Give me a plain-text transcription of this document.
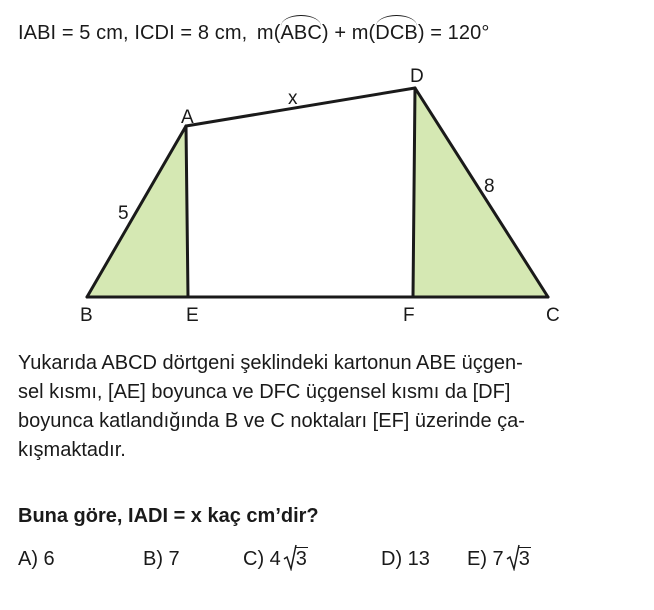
IABI = 5 cm, ICDI = 8 cm, m(ABC) + m(DCB) = 120°
A
B	C
D
E	F
5
8
x
Yukarıda ABCD dörtgeni şeklindeki kartonun ABE üçgen-
sel kısmı, [AE] boyunca ve DFC üçgensel kısmı da [DF]
boyunca katlandığında B ve C noktaları [EF] üzerinde ça-
kışmaktadır.
Buna göre, IADI = x kaç cm’dir?
A) 6	B) 7	C) 4 3	D) 13 E) 7 3
